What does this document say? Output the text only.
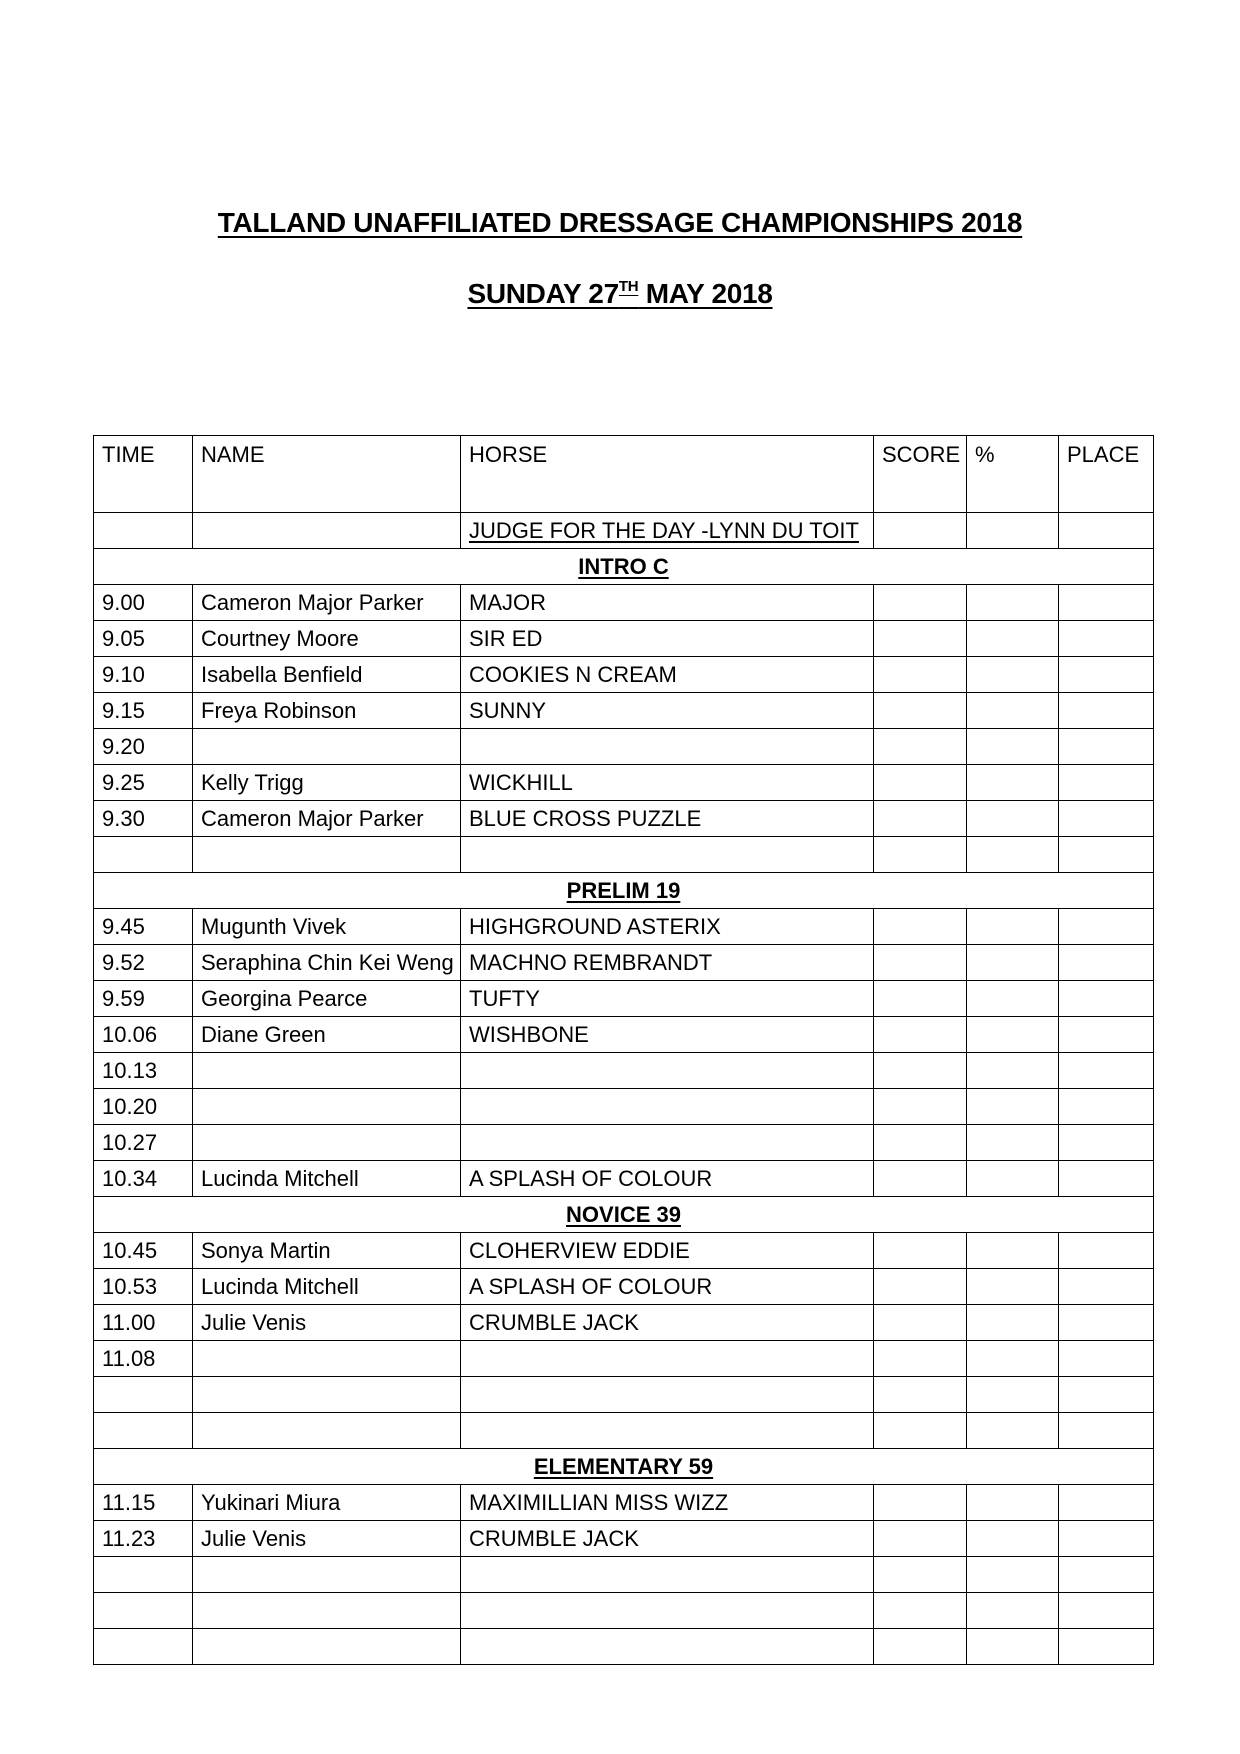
TALLAND UNAFFILIATED DRESSAGE CHAMPIONSHIPS 2018
SUNDAY 27TH MAY 2018
TIME	NAME	HORSE	SCORE	%	PLACE
		JUDGE FOR THE DAY -LYNN DU TOIT			
INTRO C					
9.00	Cameron Major Parker	MAJOR			
9.05	Courtney Moore	SIR ED			
9.10	Isabella Benfield	COOKIES N CREAM			
9.15	Freya Robinson	SUNNY			
9.20					
9.25	Kelly Trigg	WICKHILL			
9.30	Cameron Major Parker	BLUE CROSS PUZZLE			

PRELIM 19					
9.45	Mugunth Vivek	HIGHGROUND ASTERIX			
9.52	Seraphina Chin Kei Weng	MACHNO REMBRANDT			
9.59	Georgina Pearce	TUFTY			
10.06	Diane Green	WISHBONE			
10.13					
10.20					
10.27					
10.34	Lucinda Mitchell	A SPLASH OF COLOUR			
NOVICE 39					
10.45	Sonya Martin	CLOHERVIEW EDDIE			
10.53	Lucinda Mitchell	A SPLASH OF COLOUR			
11.00	Julie Venis	CRUMBLE JACK			
11.08					

ELEMENTARY 59					
11.15	Yukinari Miura	MAXIMILLIAN MISS WIZZ			
11.23	Julie Venis	CRUMBLE JACK			
